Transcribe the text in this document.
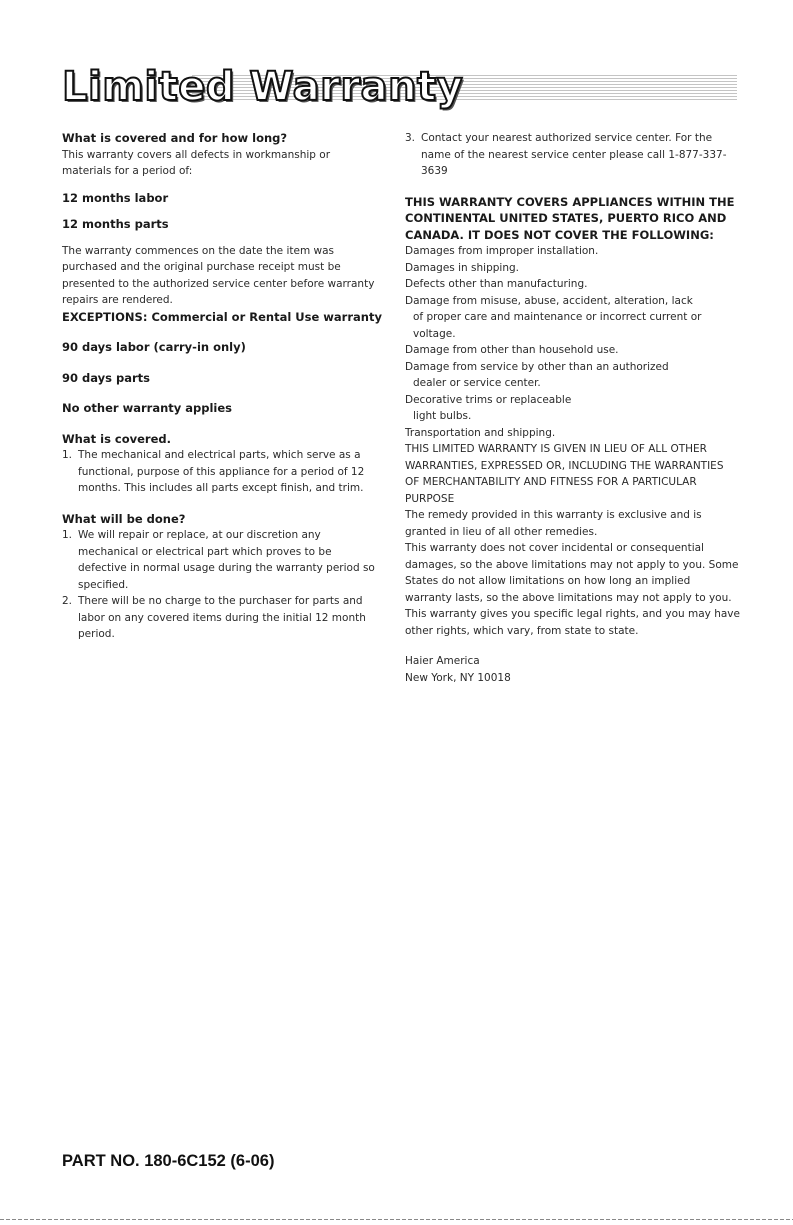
Limited Warranty

What is covered and for how long?

This warranty covers all defects in workmanship or materials for a period of:

12 months labor

12 months parts

The warranty commences on the date the item was purchased and the original purchase receipt must be presented to the authorized service center before warranty repairs are rendered.

EXCEPTIONS: Commercial or Rental Use warranty

90 days labor (carry-in only)

90 days parts

No other warranty applies

What is covered.

1. The mechanical and electrical parts, which serve as a functional, purpose of this appliance for a period of 12 months. This includes all parts except finish, and trim.

What will be done?

1. We will repair or replace, at our discretion any mechanical or electrical part which proves to be defective in normal usage during the warranty period so specified.
2. There will be no charge to the purchaser for parts and labor on any covered items during the initial 12 month period.
3. Contact your nearest authorized service center. For the name of the nearest service center please call 1-877-337-3639

THIS WARRANTY COVERS APPLIANCES WITHIN THE CONTINENTAL UNITED STATES, PUERTO RICO AND CANADA. IT DOES NOT COVER THE FOLLOWING:

Damages from improper installation.

Damages in shipping.

Defects other than manufacturing.

Damage from misuse, abuse, accident, alteration, lack

of proper care and maintenance or incorrect current or voltage.

Damage from other than household use.

Damage from service by other than an authorized

dealer or service center.

Decorative trims or replaceable

light bulbs.

Transportation and shipping.

THIS LIMITED WARRANTY IS GIVEN IN LIEU OF ALL OTHER WARRANTIES, EXPRESSED OR, INCLUDING THE WARRANTIES OF MERCHANTABILITY AND FITNESS FOR A PARTICULAR PURPOSE

The remedy provided in this warranty is exclusive and is granted in lieu of all other remedies.

This warranty does not cover incidental or consequential damages, so the above limitations may not apply to you. Some States do not allow limitations on how long an implied warranty lasts, so the above limitations may not apply to you.

This warranty gives you specific legal rights, and you may have other rights, which vary, from state to state.

Haier America

New York, NY 10018

PART NO. 180-6C152 (6-06)
